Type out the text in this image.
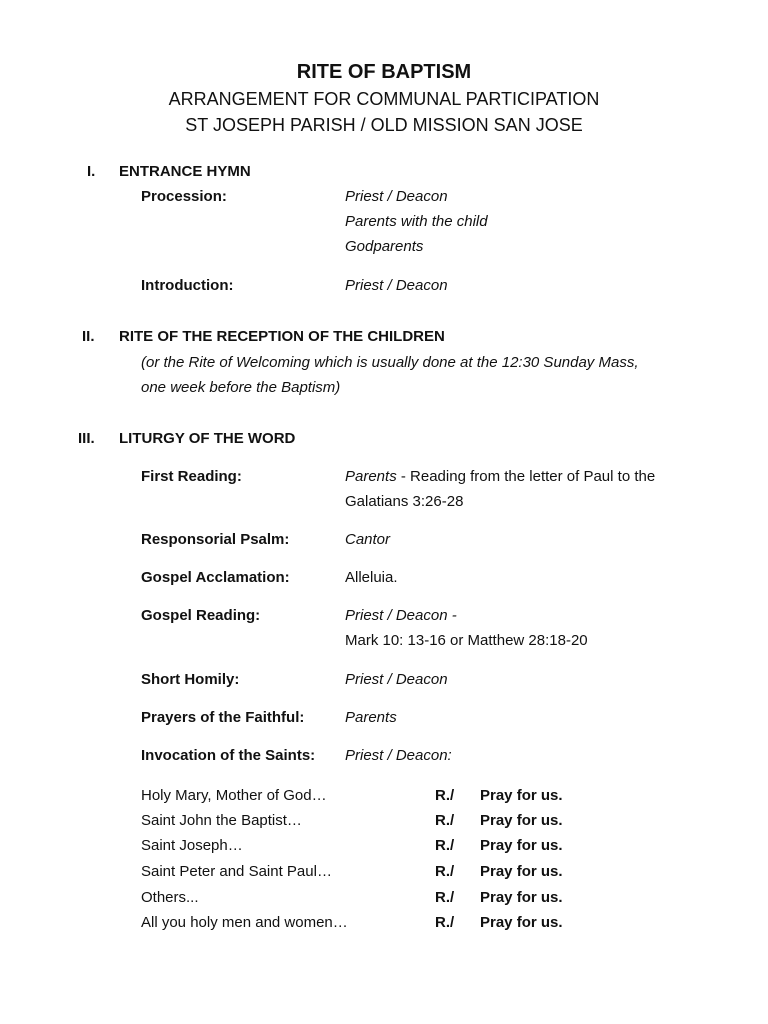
RITE OF BAPTISM
ARRANGEMENT FOR COMMUNAL PARTICIPATION
ST JOSEPH PARISH / OLD MISSION SAN JOSE
I. ENTRANCE HYMN
Procession:	Priest / Deacon
Parents with the child
Godparents
Introduction:	Priest / Deacon
II. RITE OF THE RECEPTION OF THE CHILDREN
(or the Rite of Welcoming which is usually done at the 12:30 Sunday Mass,
one week before the Baptism)
III. LITURGY OF THE WORD
First Reading:	Parents - Reading from the letter of Paul to the
Galatians 3:26-28
Responsorial Psalm:	Cantor
Gospel Acclamation:	Alleluia.
Gospel Reading:	Priest / Deacon -
Mark 10: 13-16 or Matthew 28:18-20
Short Homily:	Priest / Deacon
Prayers of the Faithful:	Parents
Invocation of the Saints: Priest / Deacon:
Holy Mary, Mother of God…	R./ Pray for us.
Saint John the Baptist…	R./ Pray for us.
Saint Joseph…	R./ Pray for us.
Saint Peter and Saint Paul…	R./ Pray for us.
Others...	R./ Pray for us.
All you holy men and women…	R./ Pray for us.
